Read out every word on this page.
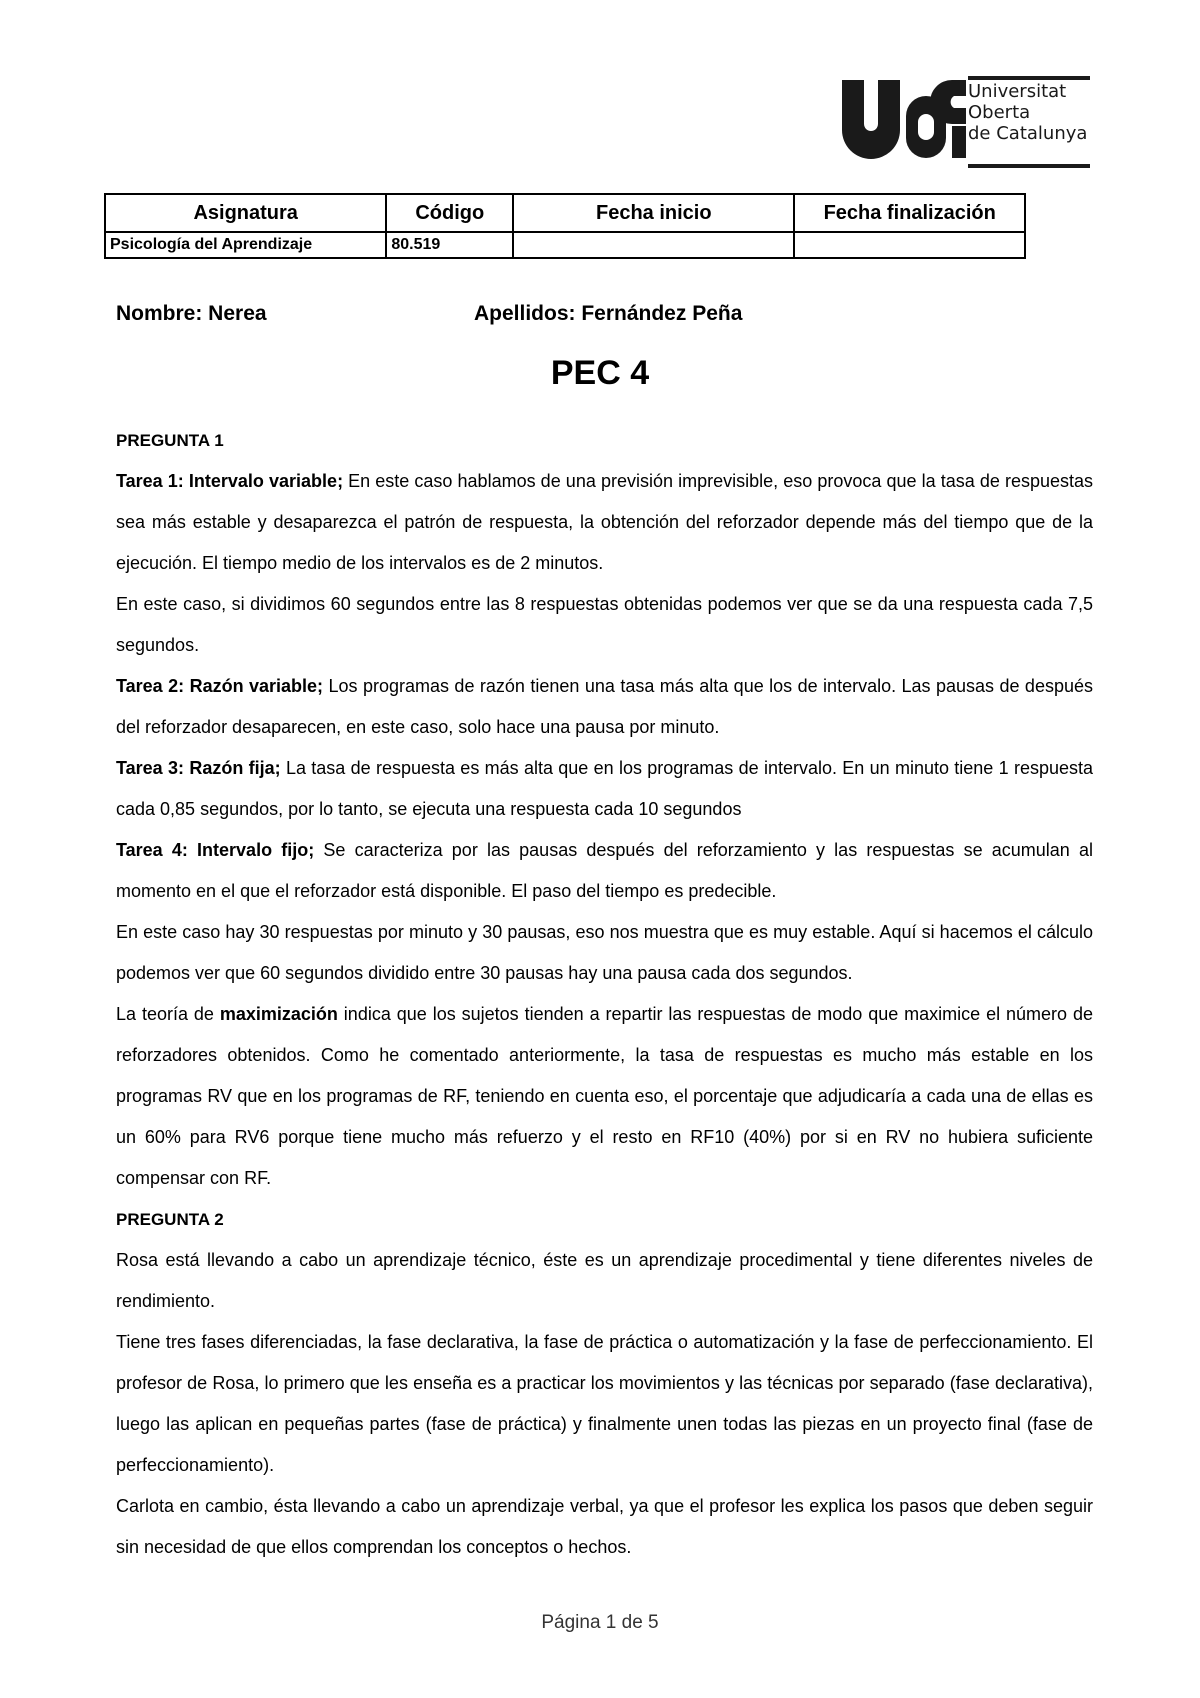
Universitat
Oberta
de Catalunya
Asignatura	Código	Fecha inicio	Fecha finalización
Psicología del Aprendizaje	80.519		
Nombre: Nerea	Apellidos: Fernández Peña
PEC 4

PREGUNTA 1

Tarea 1: Intervalo variable; En este caso hablamos de una previsión imprevisible, eso provoca que la tasa de respuestas sea más estable y desaparezca el patrón de respuesta, la obtención del reforzador depende más del tiempo que de la ejecución. El tiempo medio de los intervalos es de 2 minutos.

En este caso, si dividimos 60 segundos entre las 8 respuestas obtenidas podemos ver que se da una respuesta cada 7,5 segundos.

Tarea 2: Razón variable; Los programas de razón tienen una tasa más alta que los de intervalo. Las pausas de después del reforzador desaparecen, en este caso, solo hace una pausa por minuto.

Tarea 3: Razón fija; La tasa de respuesta es más alta que en los programas de intervalo. En un minuto tiene 1 respuesta cada 0,85 segundos, por lo tanto, se ejecuta una respuesta cada 10 segundos

Tarea 4: Intervalo fijo; Se caracteriza por las pausas después del reforzamiento y las respuestas se acumulan al momento en el que el reforzador está disponible. El paso del tiempo es predecible.

En este caso hay 30 respuestas por minuto y 30 pausas, eso nos muestra que es muy estable. Aquí si hacemos el cálculo podemos ver que 60 segundos dividido entre 30 pausas hay una pausa cada dos segundos.

La teoría de maximización indica que los sujetos tienden a repartir las respuestas de modo que maximice el número de reforzadores obtenidos. Como he comentado anteriormente, la tasa de respuestas es mucho más estable en los programas RV que en los programas de RF, teniendo en cuenta eso, el porcentaje que adjudicaría a cada una de ellas es un 60% para RV6 porque tiene mucho más refuerzo y el resto en RF10 (40%) por si en RV no hubiera suficiente compensar con RF.

PREGUNTA 2

Rosa está llevando a cabo un aprendizaje técnico, éste es un aprendizaje procedimental y tiene diferentes niveles de rendimiento.

Tiene tres fases diferenciadas, la fase declarativa, la fase de práctica o automatización y la fase de perfeccionamiento. El profesor de Rosa, lo primero que les enseña es a practicar los movimientos y las técnicas por separado (fase declarativa), luego las aplican en pequeñas partes (fase de práctica) y finalmente unen todas las piezas en un proyecto final (fase de perfeccionamiento).

Carlota en cambio, ésta llevando a cabo un aprendizaje verbal, ya que el profesor les explica los pasos que deben seguir sin necesidad de que ellos comprendan los conceptos o hechos.

Página 1 de 5
